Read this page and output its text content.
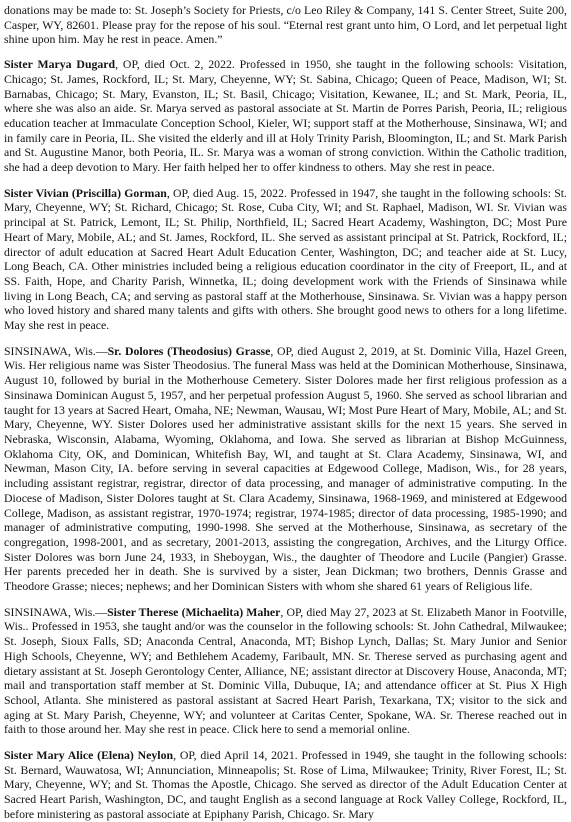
donations may be made to: St. Joseph’s Society for Priests, c/o Leo Riley & Company, 141 S. Center Street, Suite 200, Casper, WY, 82601. Please pray for the repose of his soul. “Eternal rest grant unto him, O Lord, and let perpetual light shine upon him. May he rest in peace. Amen.”

Sister Marya Dugard, OP, died Oct. 2, 2022. Professed in 1950, she taught in the following schools: Visitation, Chicago; St. James, Rockford, IL; St. Mary, Cheyenne, WY; St. Sabina, Chicago; Queen of Peace, Madison, WI; St. Barnabas, Chicago; St. Mary, Evanston, IL; St. Basil, Chicago; Visitation, Kewanee, IL; and St. Mark, Peoria, IL, where she was also an aide. Sr. Marya served as pastoral associate at St. Martin de Porres Parish, Peoria, IL; religious education teacher at Immaculate Conception School, Kieler, WI; support staff at the Motherhouse, Sinsinawa, WI; and in family care in Peoria, IL. She visited the elderly and ill at Holy Trinity Parish, Bloomington, IL; and St. Mark Parish and St. Augustine Manor, both Peoria, IL. Sr. Marya was a woman of strong conviction. Within the Catholic tradition, she had a deep devotion to Mary. Her faith helped her to offer kindness to others. May she rest in peace.

Sister Vivian (Priscilla) Gorman, OP, died Aug. 15, 2022. Professed in 1947, she taught in the following schools: St. Mary, Cheyenne, WY; St. Richard, Chicago; St. Rose, Cuba City, WI; and St. Raphael, Madison, WI. Sr. Vivian was principal at St. Patrick, Lemont, IL; St. Philip, Northfield, IL; Sacred Heart Academy, Washington, DC; Most Pure Heart of Mary, Mobile, AL; and St. James, Rockford, IL. She served as assistant principal at St. Patrick, Rockford, IL; director of adult education at Sacred Heart Adult Education Center, Washington, DC; and teacher aide at St. Lucy, Long Beach, CA. Other ministries included being a religious education coordinator in the city of Freeport, IL, and at SS. Faith, Hope, and Charity Parish, Winnetka, IL; doing development work with the Friends of Sinsinawa while living in Long Beach, CA; and serving as pastoral staff at the Motherhouse, Sinsinawa. Sr. Vivian was a happy person who loved history and shared many talents and gifts with others. She brought good news to others for a long lifetime. May she rest in peace.

SINSINAWA, Wis.—Sr. Dolores (Theodosius) Grasse, OP, died August 2, 2019, at St. Dominic Villa, Hazel Green, Wis. Her religious name was Sister Theodosius. The funeral Mass was held at the Dominican Motherhouse, Sinsinawa, August 10, followed by burial in the Motherhouse Cemetery. Sister Dolores made her first religious profession as a Sinsinawa Dominican August 5, 1957, and her perpetual profession August 5, 1960. She served as school librarian and taught for 13 years at Sacred Heart, Omaha, NE; Newman, Wausau, WI; Most Pure Heart of Mary, Mobile, AL; and St. Mary, Cheyenne, WY. Sister Dolores used her administrative assistant skills for the next 15 years. She served in Nebraska, Wisconsin, Alabama, Wyoming, Oklahoma, and Iowa. She served as librarian at Bishop McGuinness, Oklahoma City, OK, and Dominican, Whitefish Bay, WI, and taught at St. Clara Academy, Sinsinawa, WI, and Newman, Mason City, IA. before serving in several capacities at Edgewood College, Madison, Wis., for 28 years, including assistant registrar, registrar, director of data processing, and manager of administrative computing. In the Diocese of Madison, Sister Dolores taught at St. Clara Academy, Sinsinawa, 1968-1969, and ministered at Edgewood College, Madison, as assistant registrar, 1970-1974; registrar, 1974-1985; director of data processing, 1985-1990; and manager of administrative computing, 1990-1998. She served at the Motherhouse, Sinsinawa, as secretary of the congregation, 1998-2001, and as secretary, 2001-2013, assisting the congregation, Archives, and the Liturgy Office. Sister Dolores was born June 24, 1933, in Sheboygan, Wis., the daughter of Theodore and Lucile (Pangier) Grasse. Her parents preceded her in death. She is survived by a sister, Jean Dickman; two brothers, Dennis Grasse and Theodore Grasse; nieces; nephews; and her Dominican Sisters with whom she shared 61 years of Religious life.

SINSINAWA, Wis.—Sister Therese (Michaelita) Maher, OP, died May 27, 2023 at St. Elizabeth Manor in Footville, Wis.. Professed in 1953, she taught and/or was the counselor in the following schools: St. John Cathedral, Milwaukee; St. Joseph, Sioux Falls, SD; Anaconda Central, Anaconda, MT; Bishop Lynch, Dallas; St. Mary Junior and Senior High Schools, Cheyenne, WY; and Bethlehem Academy, Faribault, MN. Sr. Therese served as purchasing agent and dietary assistant at St. Joseph Gerontology Center, Alliance, NE; assistant director at Discovery House, Anaconda, MT; mail and transportation staff member at St. Dominic Villa, Dubuque, IA; and attendance officer at St. Pius X High School, Atlanta. She ministered as pastoral assistant at Sacred Heart Parish, Texarkana, TX; visitor to the sick and aging at St. Mary Parish, Cheyenne, WY; and volunteer at Caritas Center, Spokane, WA. Sr. Therese reached out in faith to those around her. May she rest in peace. Click here to send a memorial online.

Sister Mary Alice (Elena) Neylon, OP, died April 14, 2021. Professed in 1949, she taught in the following schools: St. Bernard, Wauwatosa, WI; Annunciation, Minneapolis; St. Rose of Lima, Milwaukee; Trinity, River Forest, IL; St. Mary, Cheyenne, WY; and St. Thomas the Apostle, Chicago. She served as director of the Adult Education Center at Sacred Heart Parish, Washington, DC, and taught English as a second language at Rock Valley College, Rockford, IL, before ministering as pastoral associate at Epiphany Parish, Chicago. Sr. Mary
